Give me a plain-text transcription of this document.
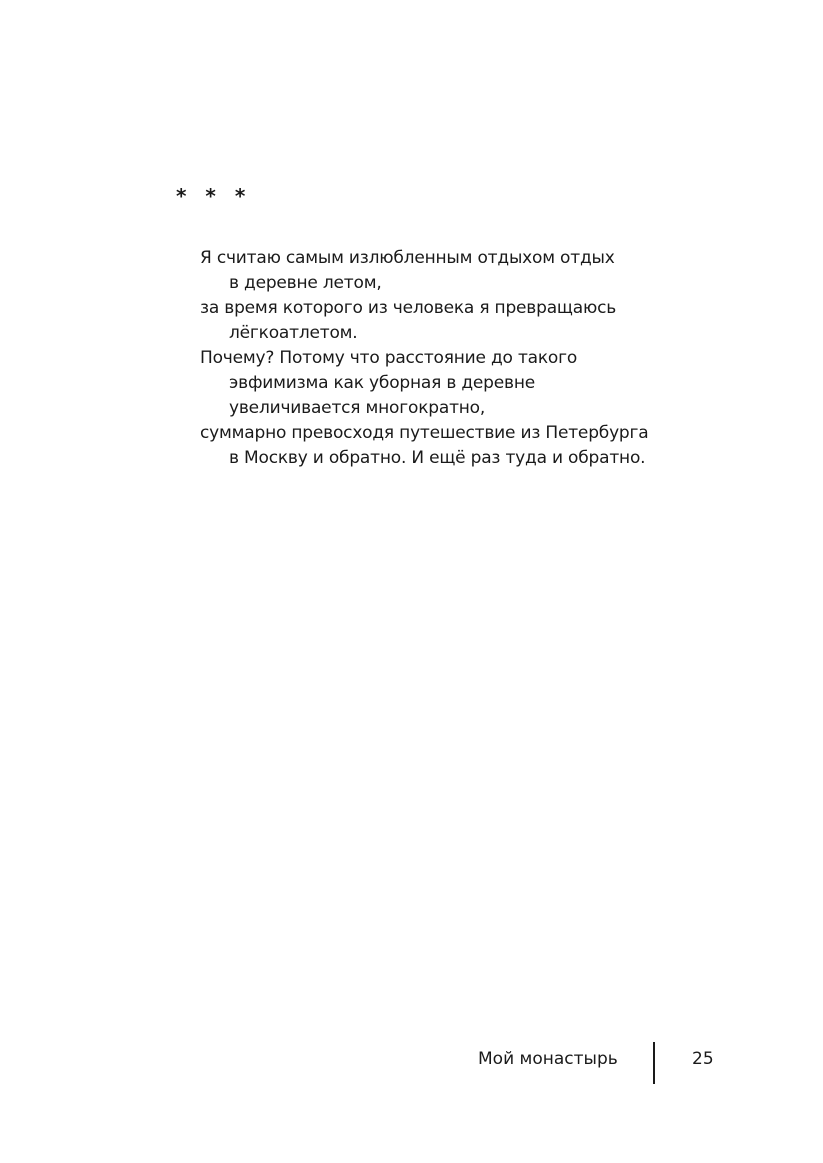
* * *
Я считаю самым излюбленным отдыхом отдых
в деревне летом,
за время которого из человека я превращаюсь
лёгкоатлетом.
Почему? Потому что расстояние до такого
эвфимизма как уборная в деревне
увеличивается многократно,
суммарно превосходя путешествие из Петербурга
в Москву и обратно. И ещё раз туда и обратно.
Мой монастырь	25
